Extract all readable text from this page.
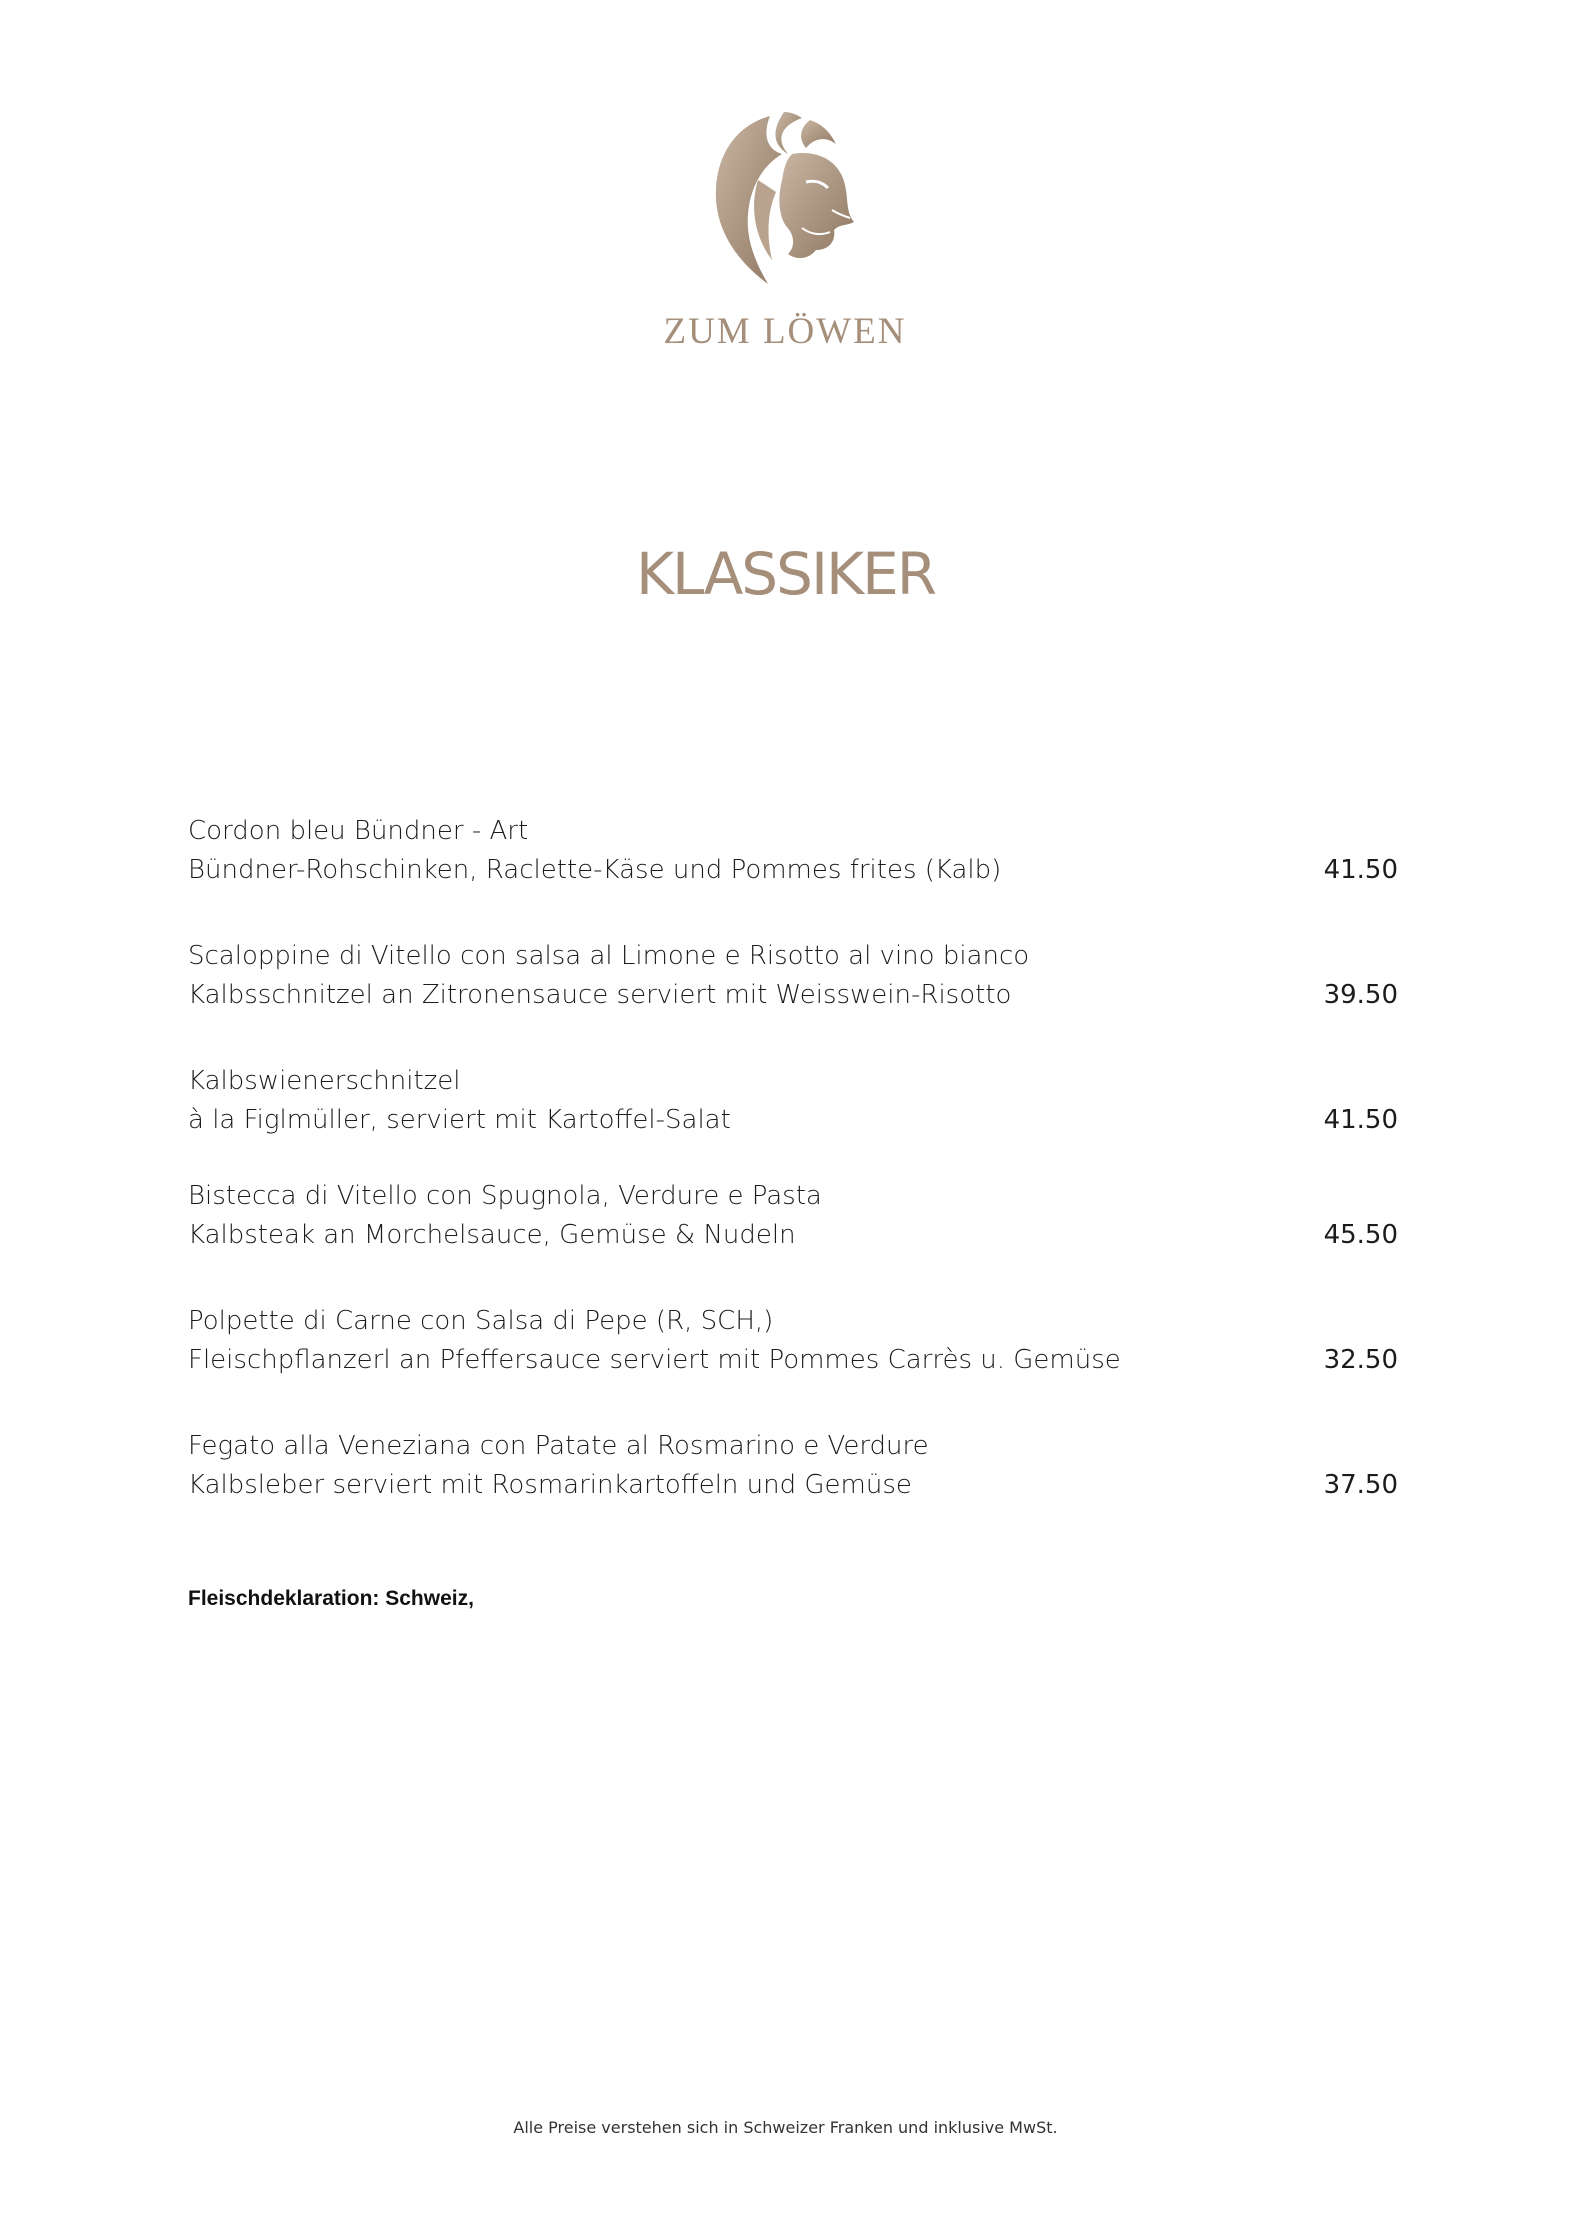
ZUM LÖWEN
KLASSIKER
Cordon bleu Bündner - Art
Bündner-Rohschinken, Raclette-Käse und Pommes frites (Kalb)	41.50
Scaloppine di Vitello con salsa al Limone e Risotto al vino bianco
Kalbsschnitzel an Zitronensauce serviert mit Weisswein-Risotto	39.50
Kalbswienerschnitzel
à la Figlmüller, serviert mit Kartoffel-Salat	41.50
Bistecca di Vitello con Spugnola, Verdure e Pasta
Kalbsteak an Morchelsauce, Gemüse & Nudeln	45.50
Polpette di Carne con Salsa di Pepe (R, SCH,)
Fleischpflanzerl an Pfeffersauce serviert mit Pommes Carrès u. Gemüse	32.50
Fegato alla Veneziana con Patate al Rosmarino e Verdure
Kalbsleber serviert mit Rosmarinkartoffeln und Gemüse	37.50
Fleischdeklaration: Schweiz,
Alle Preise verstehen sich in Schweizer Franken und inklusive MwSt.
